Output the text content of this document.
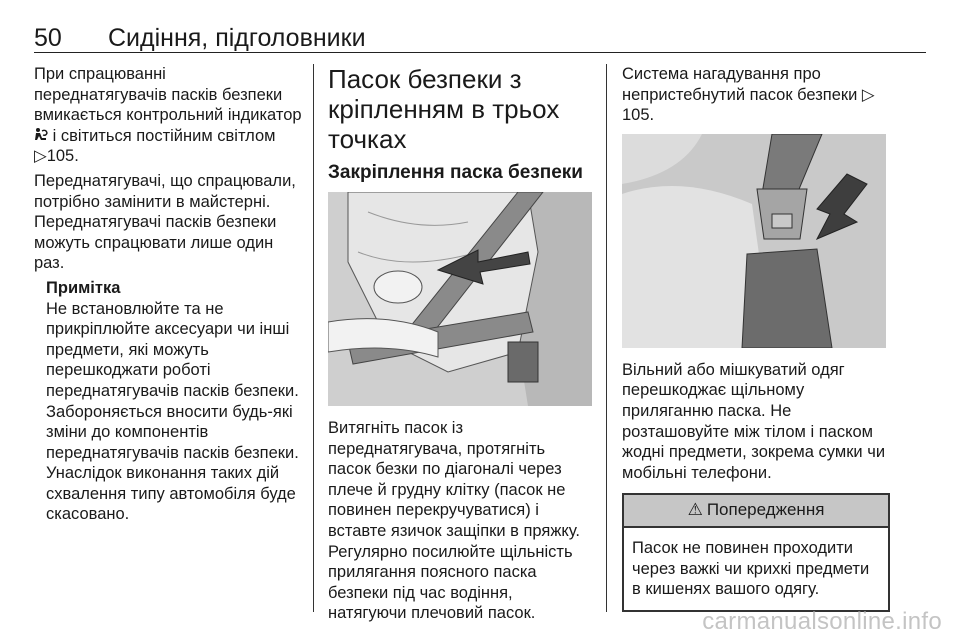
50 Сидіння, підголовники

При спрацюванні переднатягувачів пасків безпеки вмикається контрольний індикатор  і світиться постійним світлом ▷105.

Переднатягувачі, що спрацювали, потрібно замінити в майстерні. Переднатягувачі пасків безпеки можуть спрацювати лише один раз.

Примітка
Не встановлюйте та не прикріплюйте аксесуари чи інші предмети, які можуть перешкоджати роботі переднатягувачів пасків безпеки. Забороняється вносити будь-які зміни до компонентів переднатягувачів пасків безпеки. Унаслідок виконання таких дій схвалення типу автомобіля буде скасовано.
Пасок безпеки з кріпленням в трьох точках
Закріплення паска безпеки
Витягніть пасок із переднатягувача, протягніть пасок безки по діагоналі через плече й грудну клітку (пасок не повинен перекручуватися) і вставте язичок защіпки в пряжку. Регулярно посилюйте щільність прилягання поясного паска безпеки під час водіння, натягуючи плечовий пасок.

Система нагадування про непристебнутий пасок безпеки ▷ 105.

Вільний або мішкуватий одяг перешкоджає щільному приляганню паска. Не розташовуйте між тілом і паском жодні предмети, зокрема сумки чи мобільні телефони.

⚠ Попередження
Пасок не повинен проходити через важкі чи крихкі предмети в кишенях вашого одягу.
carmanualsonline.info
